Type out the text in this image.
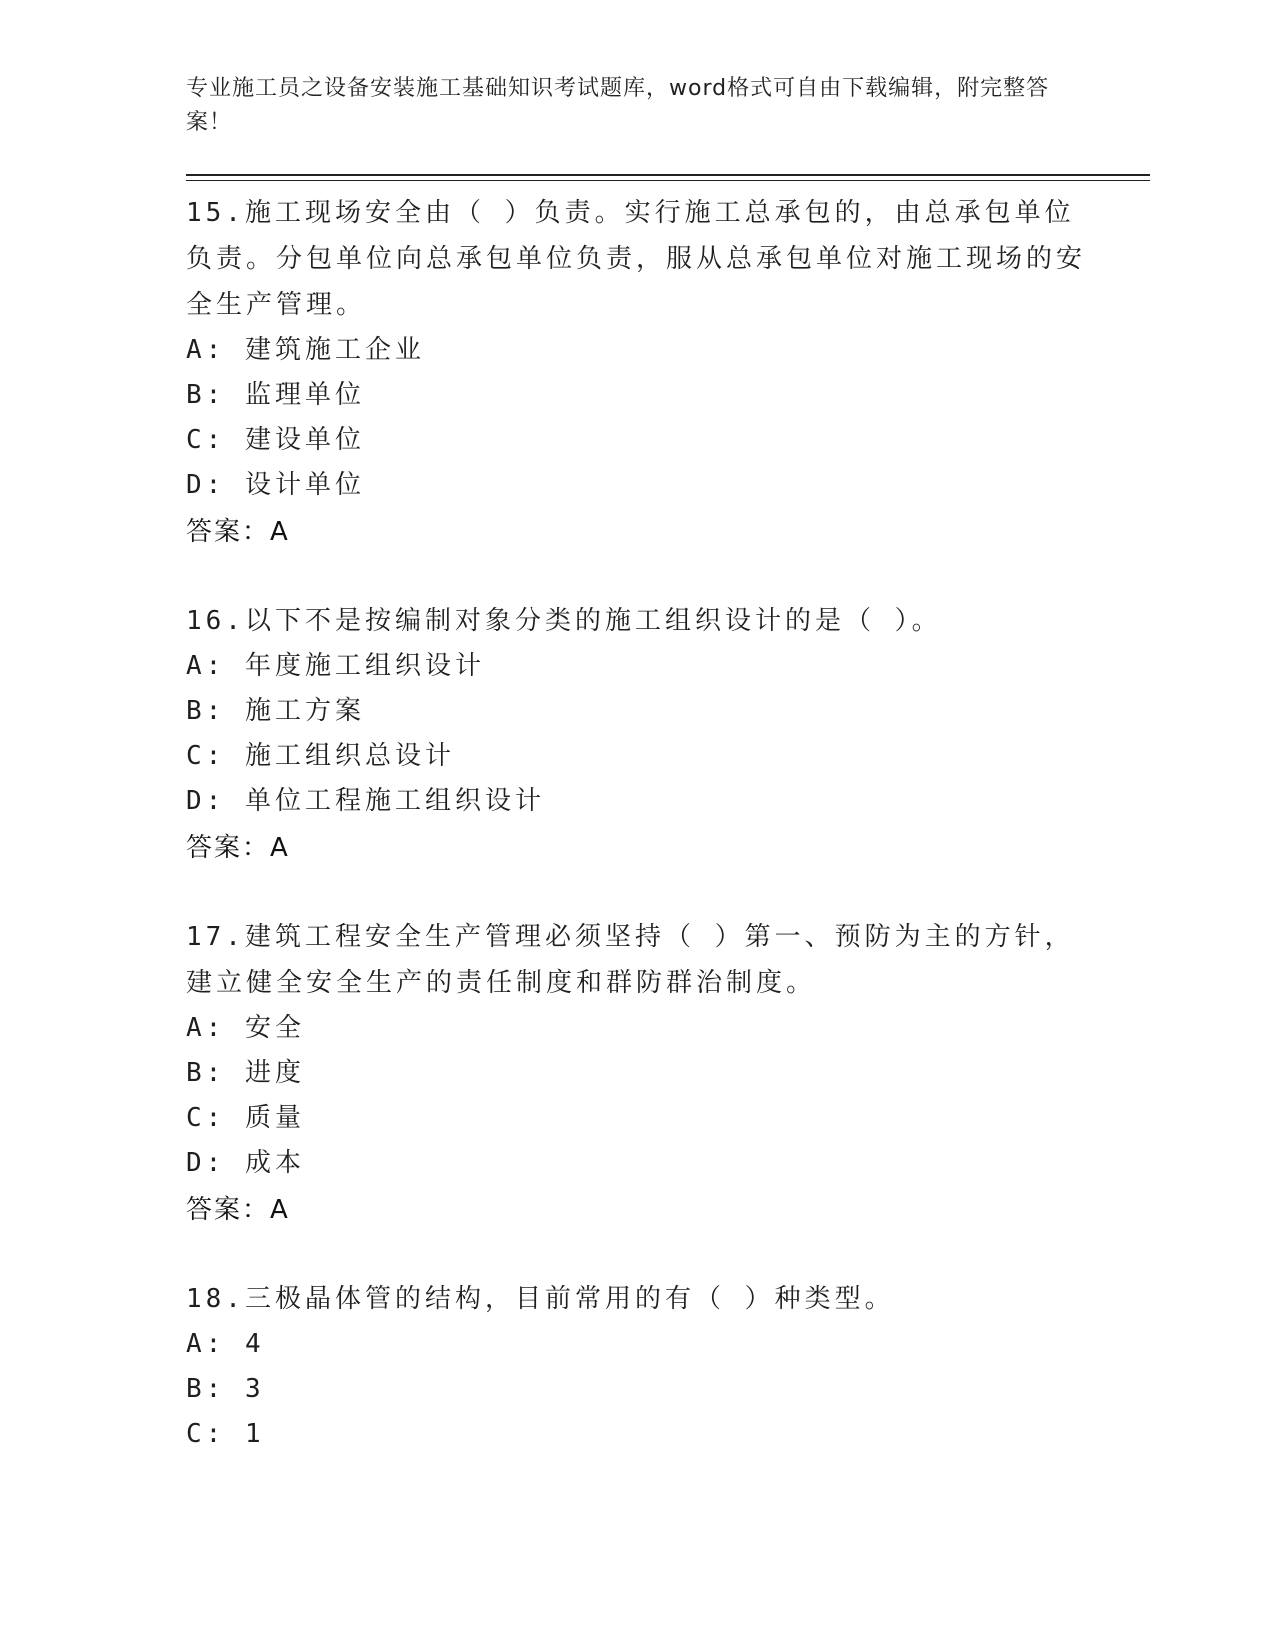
专业施工员之设备安装施工基础知识考试题库，word格式可自由下载编辑，附完整答案！

15.施工现场安全由（ ）负责。实行施工总承包的，由总承包单位负责。分包单位向总承包单位负责，服从总承包单位对施工现场的安全生产管理。

A: 建筑施工企业

B: 监理单位

C: 建设单位

D: 设计单位

答案：A

16.以下不是按编制对象分类的施工组织设计的是（ ）。

A: 年度施工组织设计

B: 施工方案

C: 施工组织总设计

D: 单位工程施工组织设计

答案：A

17.建筑工程安全生产管理必须坚持（ ）第一、预防为主的方针，建立健全安全生产的责任制度和群防群治制度。

A: 安全

B: 进度

C: 质量

D: 成本

答案：A

18.三极晶体管的结构，目前常用的有（ ）种类型。

A: 4

B: 3

C: 1
